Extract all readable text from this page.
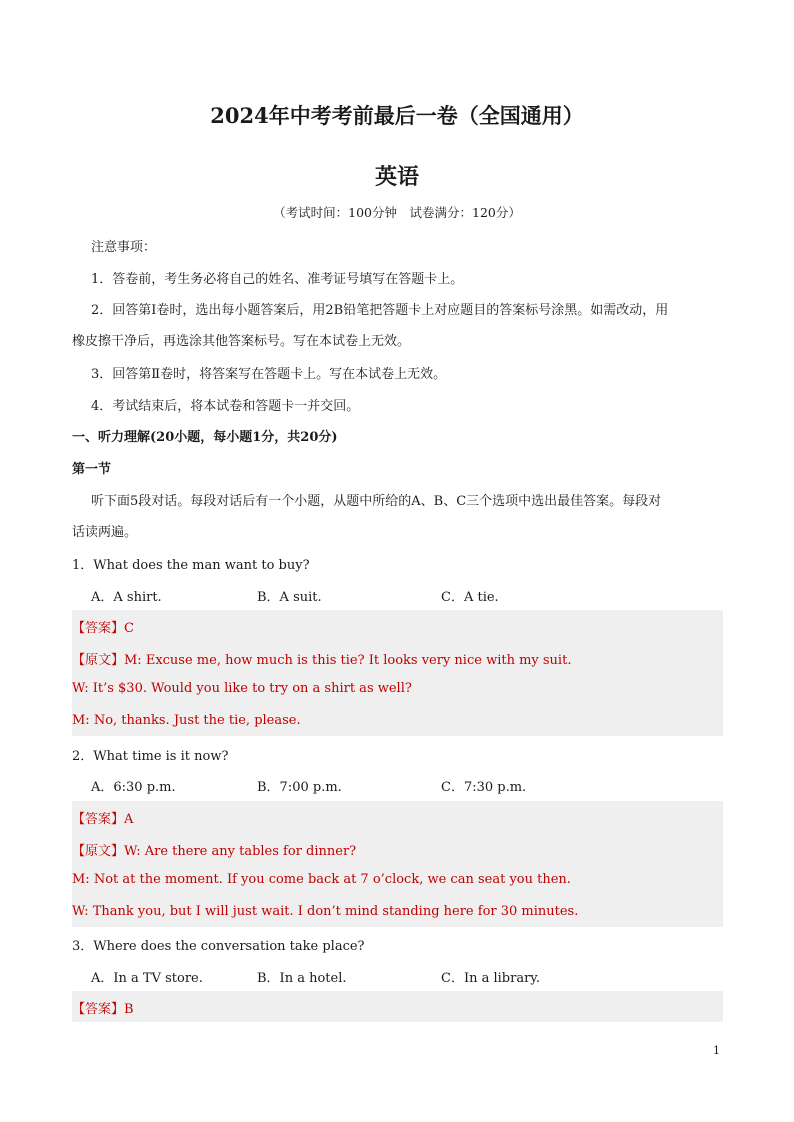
2024年中考考前最后一卷（全国通用）
英语
（考试时间：100分钟　试卷满分：120分）
注意事项：
1．答卷前，考生务必将自己的姓名、准考证号填写在答题卡上。
2．回答第Ⅰ卷时，选出每小题答案后，用2B铅笔把答题卡上对应题目的答案标号涂黑。如需改动，用
橡皮擦干净后，再选涂其他答案标号。写在本试卷上无效。
3．回答第Ⅱ卷时，将答案写在答题卡上。写在本试卷上无效。
4．考试结束后，将本试卷和答题卡一并交回。
一、听力理解(20小题，每小题1分，共20分)
第一节
听下面5段对话。每段对话后有一个小题，从题中所给的A、B、C三个选项中选出最佳答案。每段对
话读两遍。
1．What does the man want to buy?
A．A shirt.	B．A suit.	C．A tie.
【答案】C
【原文】M: Excuse me, how much is this tie? It looks very nice with my suit.
W: It’s $30. Would you like to try on a shirt as well?
M: No, thanks. Just the tie, please.
2．What time is it now?
A．6:30 p.m.	B．7:00 p.m.	C．7:30 p.m.
【答案】A
【原文】W: Are there any tables for dinner?
M: Not at the moment. If you come back at 7 o’clock, we can seat you then.
W: Thank you, but I will just wait. I don’t mind standing here for 30 minutes.
3．Where does the conversation take place?
A．In a TV store.	B．In a hotel.	C．In a library.
【答案】B
1
